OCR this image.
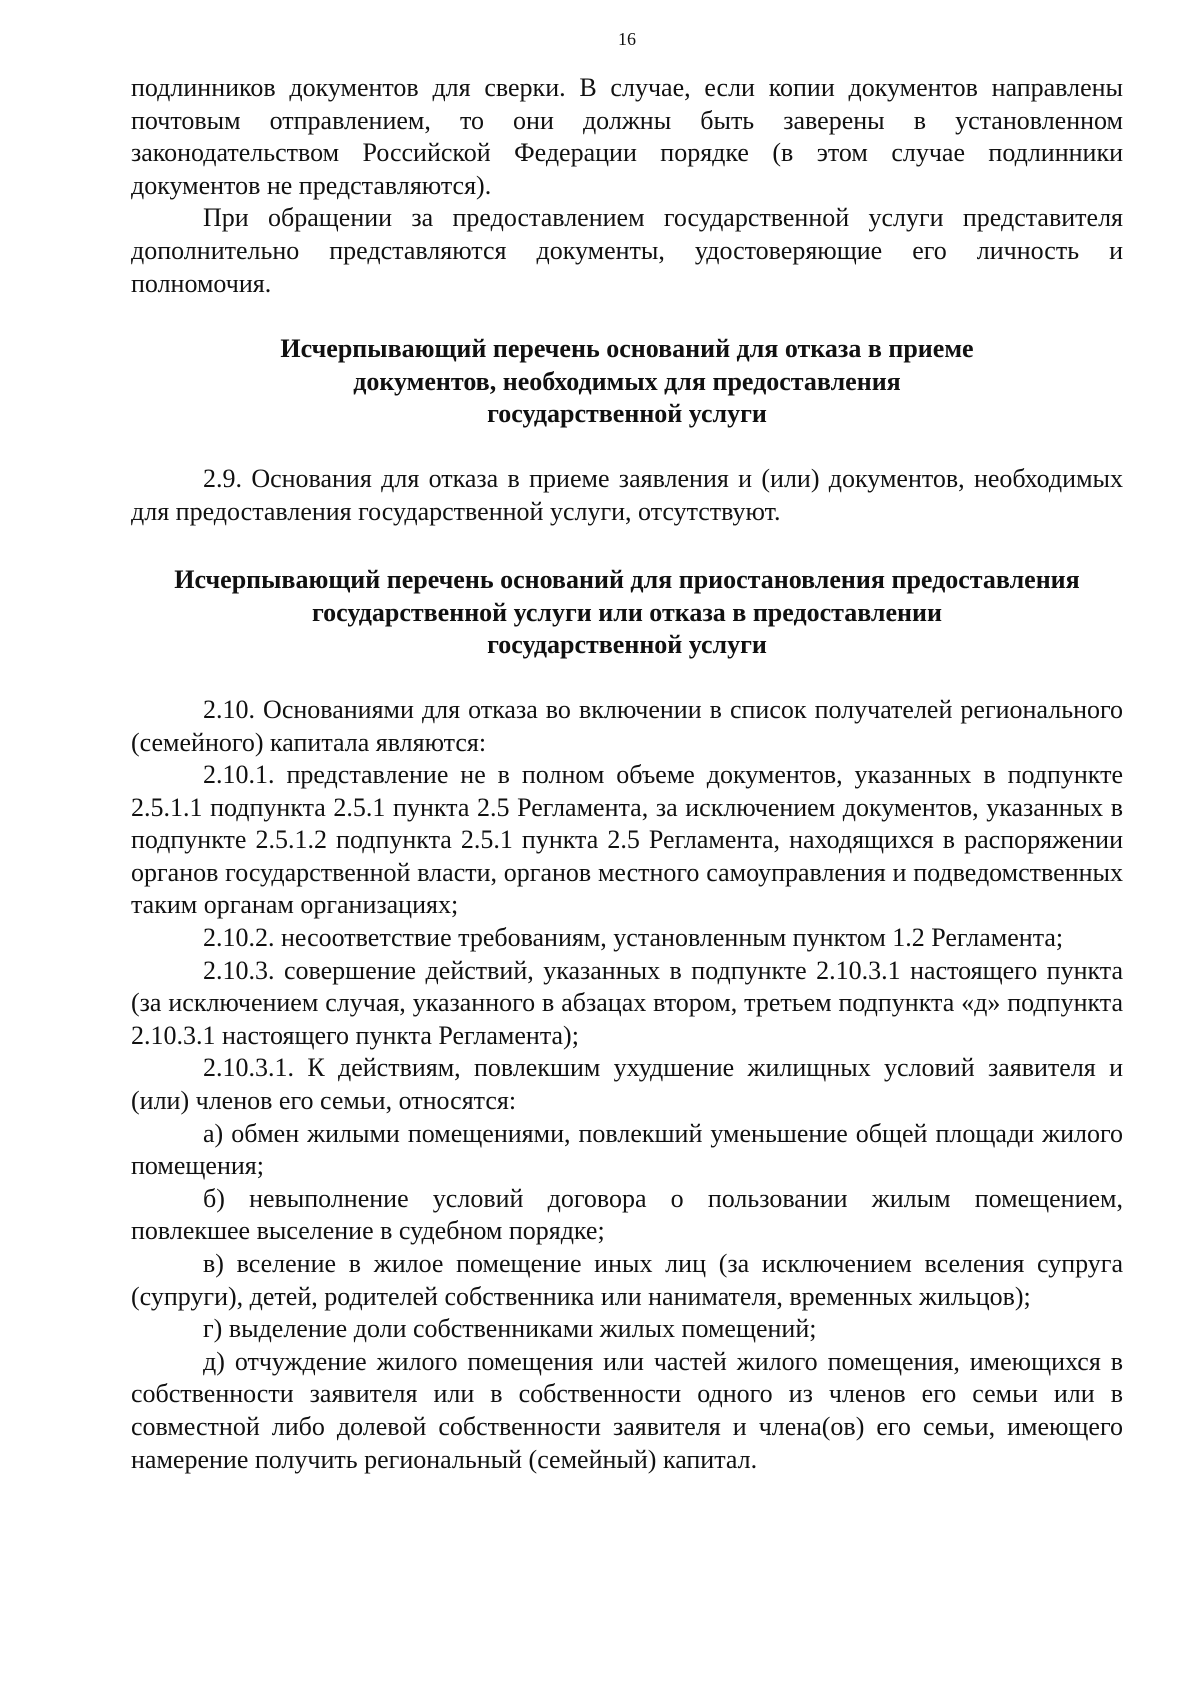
16

подлинников документов для сверки. В случае, если копии документов направлены почтовым отправлением, то они должны быть заверены в установленном законодательством Российской Федерации порядке (в этом случае подлинники документов не представляются).

При обращении за предоставлением государственной услуги представителя дополнительно представляются документы, удостоверяющие его личность и полномочия.

Исчерпывающий перечень оснований для отказа в приеме

документов, необходимых для предоставления

государственной услуги

2.9. Основания для отказа в приеме заявления и (или) документов, необходимых для предоставления государственной услуги, отсутствуют.

Исчерпывающий перечень оснований для приостановления предоставления

государственной услуги или отказа в предоставлении

государственной услуги

2.10. Основаниями для отказа во включении в список получателей регионального (семейного) капитала являются:

2.10.1. представление не в полном объеме документов, указанных в подпункте 2.5.1.1 подпункта 2.5.1 пункта 2.5 Регламента, за исключением документов, указанных в подпункте 2.5.1.2 подпункта 2.5.1 пункта 2.5 Регламента, находящихся в распоряжении органов государственной власти, органов местного самоуправления и подведомственных таким органам организациях;

2.10.2. несоответствие требованиям, установленным пунктом 1.2 Регламента;

2.10.3. совершение действий, указанных в подпункте 2.10.3.1 настоящего пункта (за исключением случая, указанного в абзацах втором, третьем подпункта «д» подпункта 2.10.3.1 настоящего пункта Регламента);

2.10.3.1. К действиям, повлекшим ухудшение жилищных условий заявителя и (или) членов его семьи, относятся:

а) обмен жилыми помещениями, повлекший уменьшение общей площади жилого помещения;

б) невыполнение условий договора о пользовании жилым помещением, повлекшее выселение в судебном порядке;

в) вселение в жилое помещение иных лиц (за исключением вселения супруга (супруги), детей, родителей собственника или нанимателя, временных жильцов);

г) выделение доли собственниками жилых помещений;

д) отчуждение жилого помещения или частей жилого помещения, имеющихся в собственности заявителя или в собственности одного из членов его семьи или в совместной либо долевой собственности заявителя и члена(ов) его семьи, имеющего намерение получить региональный (семейный) капитал.
